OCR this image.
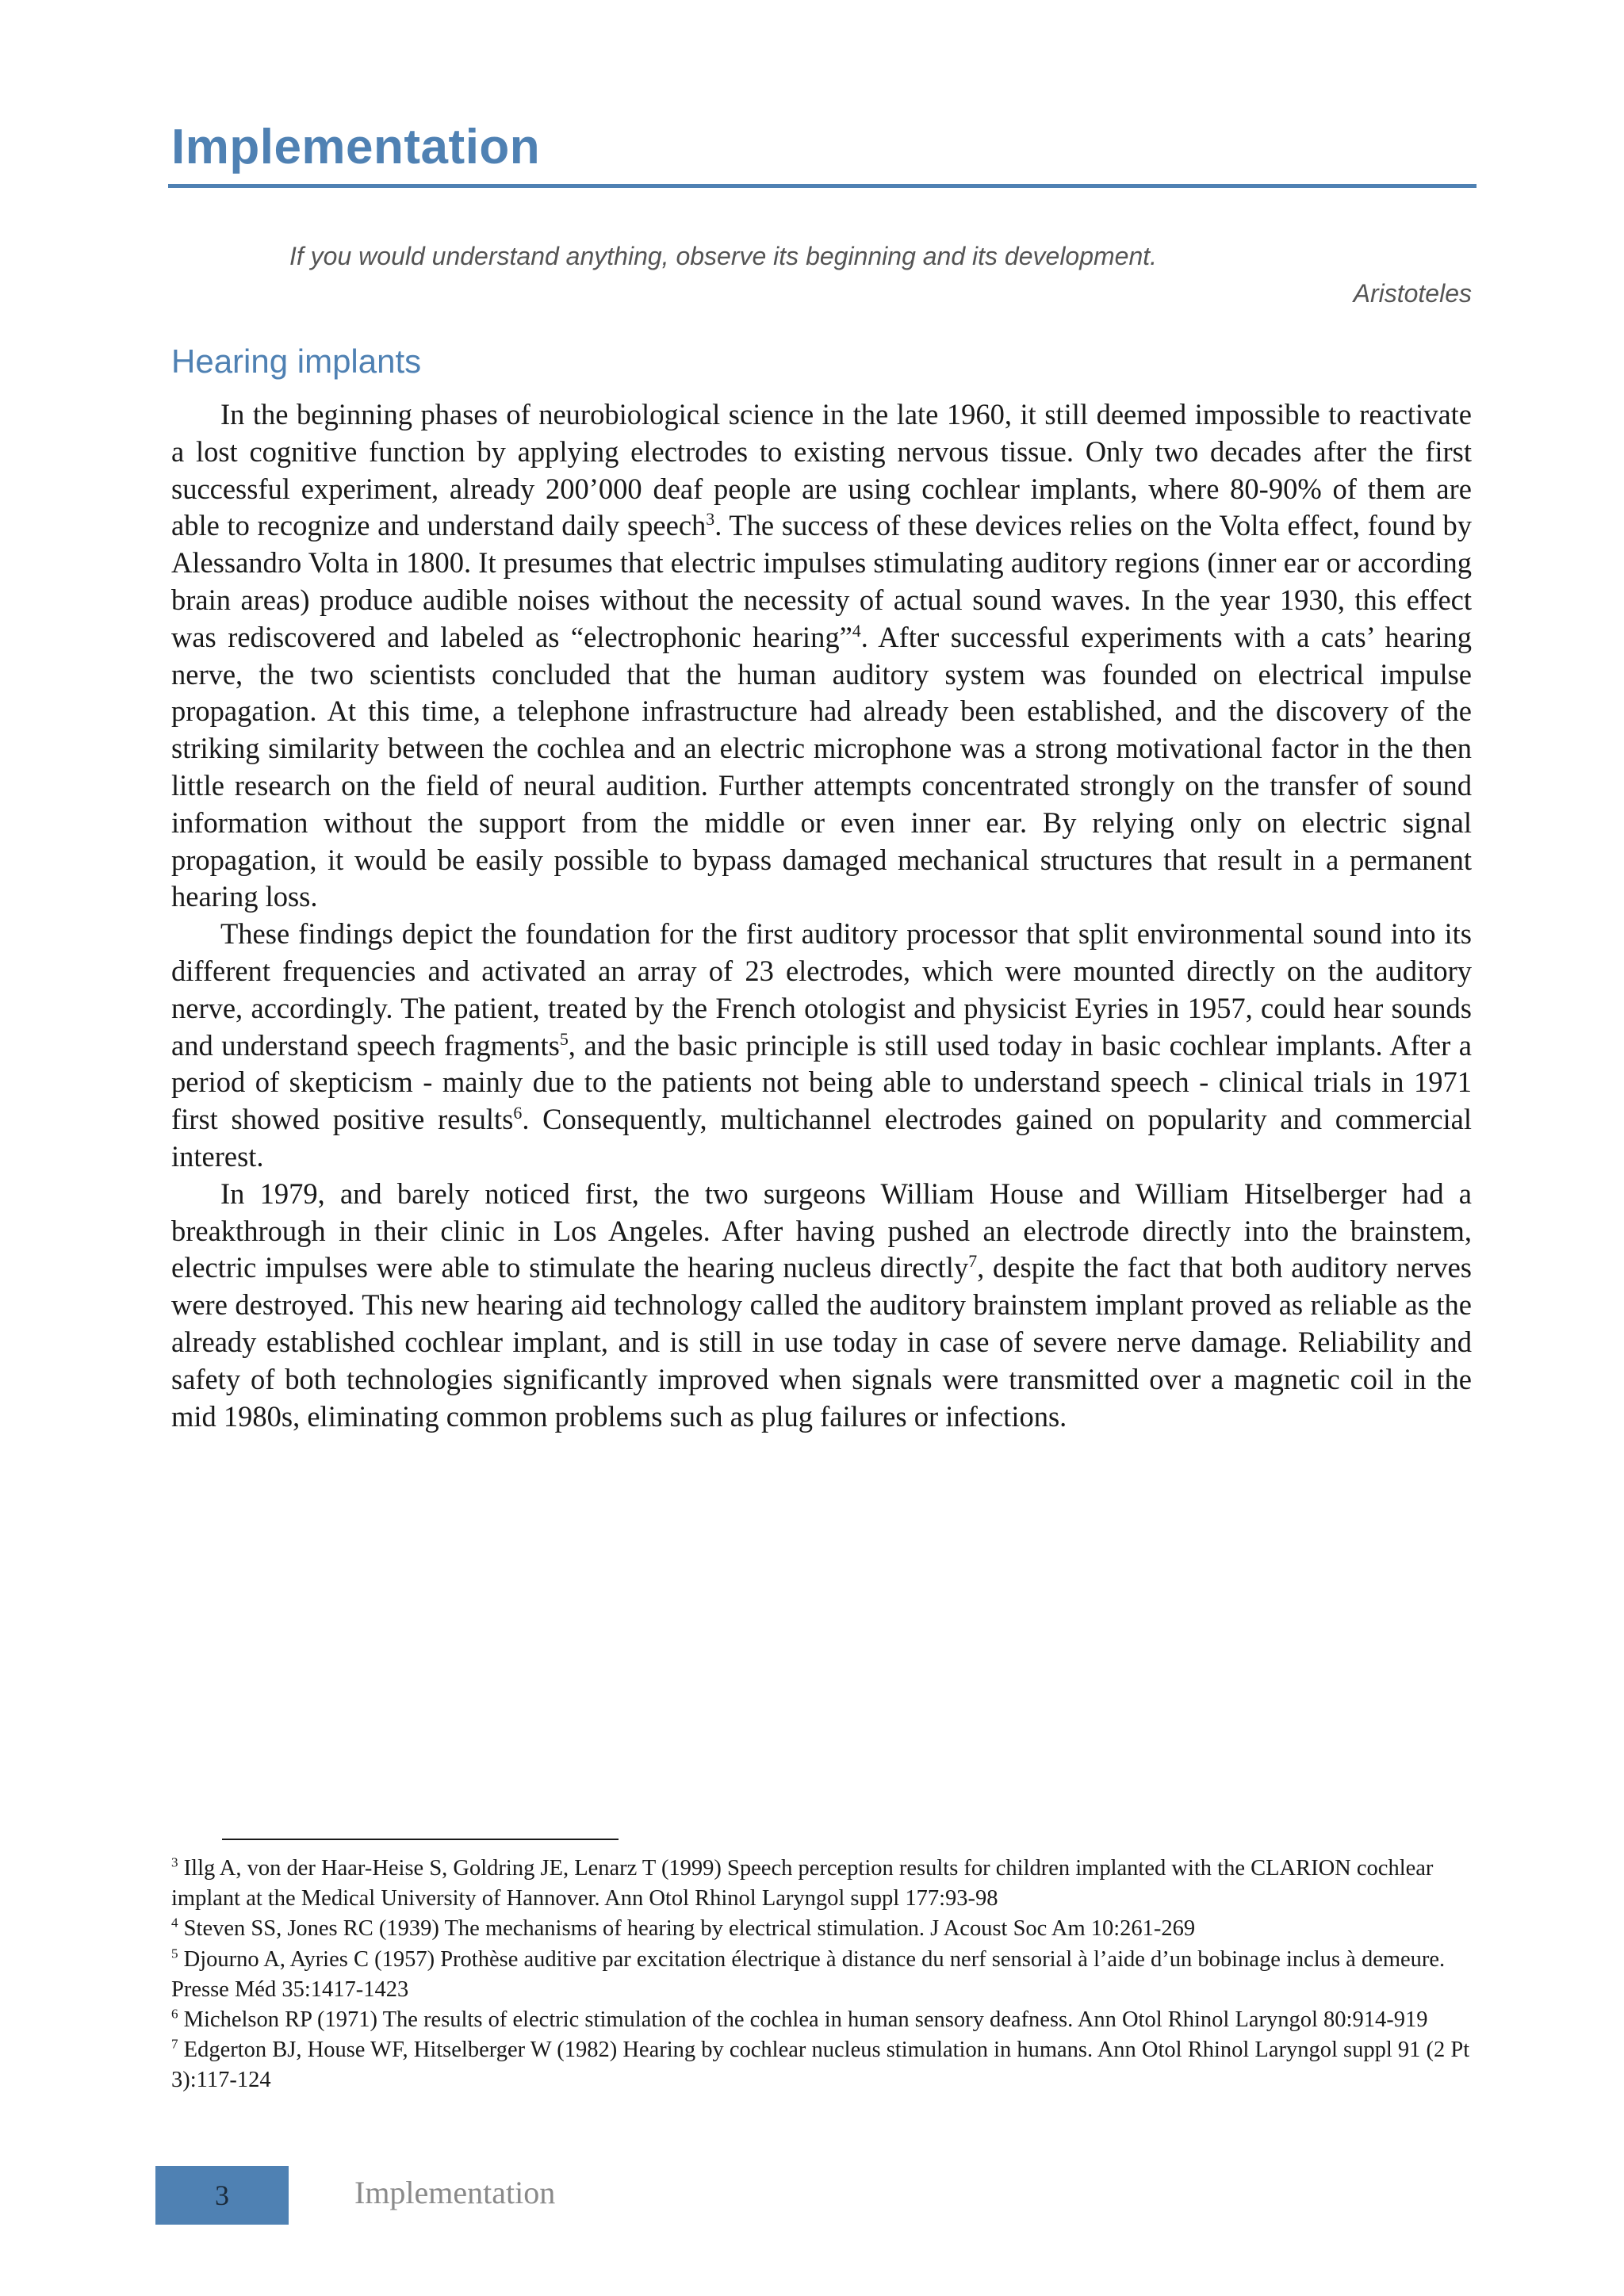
Implementation

If you would understand anything, observe its beginning and its development.

Aristoteles

Hearing implants

In the beginning phases of neurobiological science in the late 1960, it still deemed impossible to reactivate a lost cognitive function by applying electrodes to existing nervous tissue. Only two decades after the first successful experiment, already 200’000 deaf people are using cochlear implants, where 80-90% of them are able to recognize and understand daily speech$^3$. The success of these devices relies on the Volta effect, found by Alessandro Volta in 1800. It presumes that electric impulses stimulating auditory regions (inner ear or according brain areas) produce audible noises without the necessity of actual sound waves. In the year 1930, this effect was rediscovered and labeled as “electrophonic hearing”$^4$. After successful experiments with a cats’ hearing nerve, the two scientists concluded that the human auditory system was founded on electrical impulse propagation. At this time, a telephone infrastructure had already been established, and the discovery of the striking similarity between the cochlea and an electric microphone was a strong motivational factor in the then little research on the field of neural audition. Further attempts concentrated strongly on the transfer of sound information without the support from the middle or even inner ear. By relying only on electric signal propagation, it would be easily possible to bypass damaged mechanical structures that result in a permanent hearing loss.

These findings depict the foundation for the first auditory processor that split environmental sound into its different frequencies and activated an array of 23 electrodes, which were mounted directly on the auditory nerve, accordingly. The patient, treated by the French otologist and physicist Eyries in 1957, could hear sounds and understand speech fragments$^5$, and the basic principle is still used today in basic cochlear implants. After a period of skepticism - mainly due to the patients not being able to understand speech - clinical trials in 1971 first showed positive results$^6$. Consequently, multichannel electrodes gained on popularity and commercial interest.

In 1979, and barely noticed first, the two surgeons William House and William Hitselberger had a breakthrough in their clinic in Los Angeles. After having pushed an electrode directly into the brainstem, electric impulses were able to stimulate the hearing nucleus directly$^7$, despite the fact that both auditory nerves were destroyed. This new hearing aid technology called the auditory brainstem implant proved as reliable as the already established cochlear implant, and is still in use today in case of severe nerve damage. Reliability and safety of both technologies significantly improved when signals were transmitted over a magnetic coil in the mid 1980s, eliminating common problems such as plug failures or infections.

$^3$ Illg A, von der Haar-Heise S, Goldring JE, Lenarz T (1999) Speech perception results for children implanted with the CLARION cochlear implant at the Medical University of Hannover. Ann Otol Rhinol Laryngol suppl 177:93-98

$^4$ Steven SS, Jones RC (1939) The mechanisms of hearing by electrical stimulation. J Acoust Soc Am 10:261-269

$^5$ Djourno A, Ayries C (1957) Prothèse auditive par excitation électrique à distance du nerf sensorial à l’aide d’un bobinage inclus à demeure. Presse Méd 35:1417-1423

$^6$ Michelson RP (1971) The results of electric stimulation of the cochlea in human sensory deafness. Ann Otol Rhinol Laryngol 80:914-919

$^7$ Edgerton BJ, House WF, Hitselberger W (1982) Hearing by cochlear nucleus stimulation in humans. Ann Otol Rhinol Laryngol suppl 91 (2 Pt 3):117-124

3	Implementation
